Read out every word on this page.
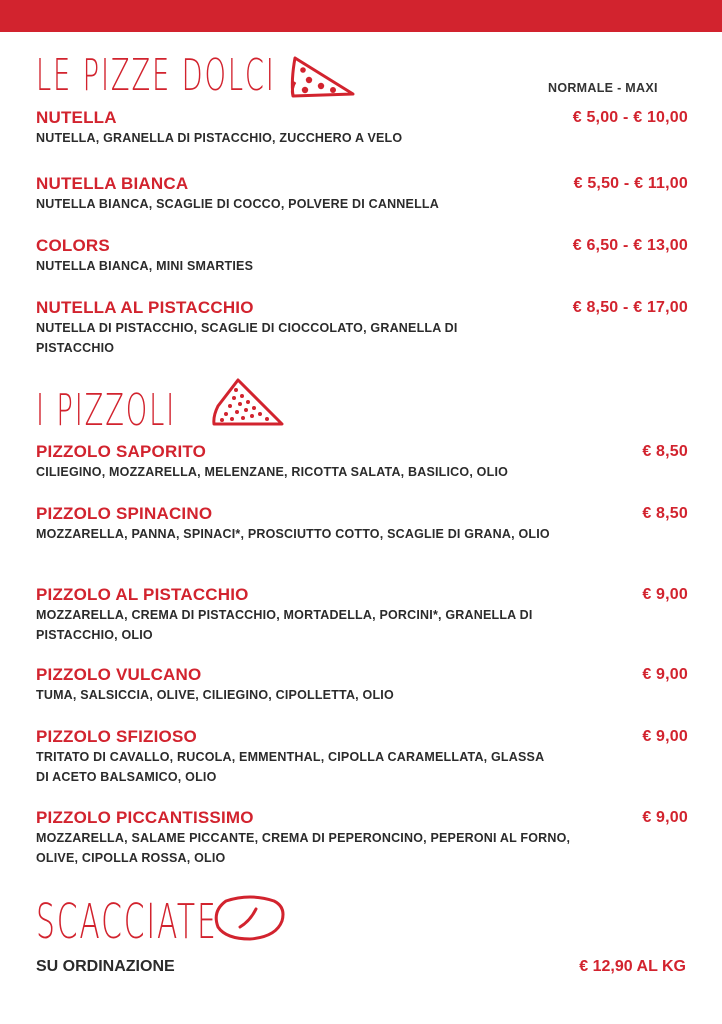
LE PIZZE DOLCI	NORMALE - MAXI
NUTELLA	€ 5,00 - € 10,00
NUTELLA, GRANELLA DI PISTACCHIO, ZUCCHERO A VELO
NUTELLA BIANCA	€ 5,50 - € 11,00
NUTELLA BIANCA, SCAGLIE DI COCCO, POLVERE DI CANNELLA
COLORS	€ 6,50 - € 13,00
NUTELLA BIANCA, MINI SMARTIES
NUTELLA AL PISTACCHIO	€ 8,50 - € 17,00
NUTELLA DI PISTACCHIO, SCAGLIE DI CIOCCOLATO, GRANELLA DI PISTACCHIO
I PIZZOLI
PIZZOLO SAPORITO	€ 8,50
CILIEGINO, MOZZARELLA, MELENZANE, RICOTTA SALATA, BASILICO, OLIO
PIZZOLO SPINACINO	€ 8,50
MOZZARELLA, PANNA, SPINACI*, PROSCIUTTO COTTO, SCAGLIE DI GRANA, OLIO
PIZZOLO AL PISTACCHIO	€ 9,00
MOZZARELLA, CREMA DI PISTACCHIO, MORTADELLA, PORCINI*, GRANELLA DI PISTACCHIO, OLIO
PIZZOLO VULCANO	€ 9,00
TUMA, SALSICCIA, OLIVE, CILIEGINO, CIPOLLETTA, OLIO
PIZZOLO SFIZIOSO	€ 9,00
TRITATO DI CAVALLO, RUCOLA, EMMENTHAL, CIPOLLA CARAMELLATA, GLASSA DI ACETO BALSAMICO, OLIO
PIZZOLO PICCANTISSIMO	€ 9,00
MOZZARELLA, SALAME PICCANTE, CREMA DI PEPERONCINO, PEPERONI AL FORNO, OLIVE, CIPOLLA ROSSA, OLIO
SCACCIATE
SU ORDINAZIONE	€ 12,90 AL KG
